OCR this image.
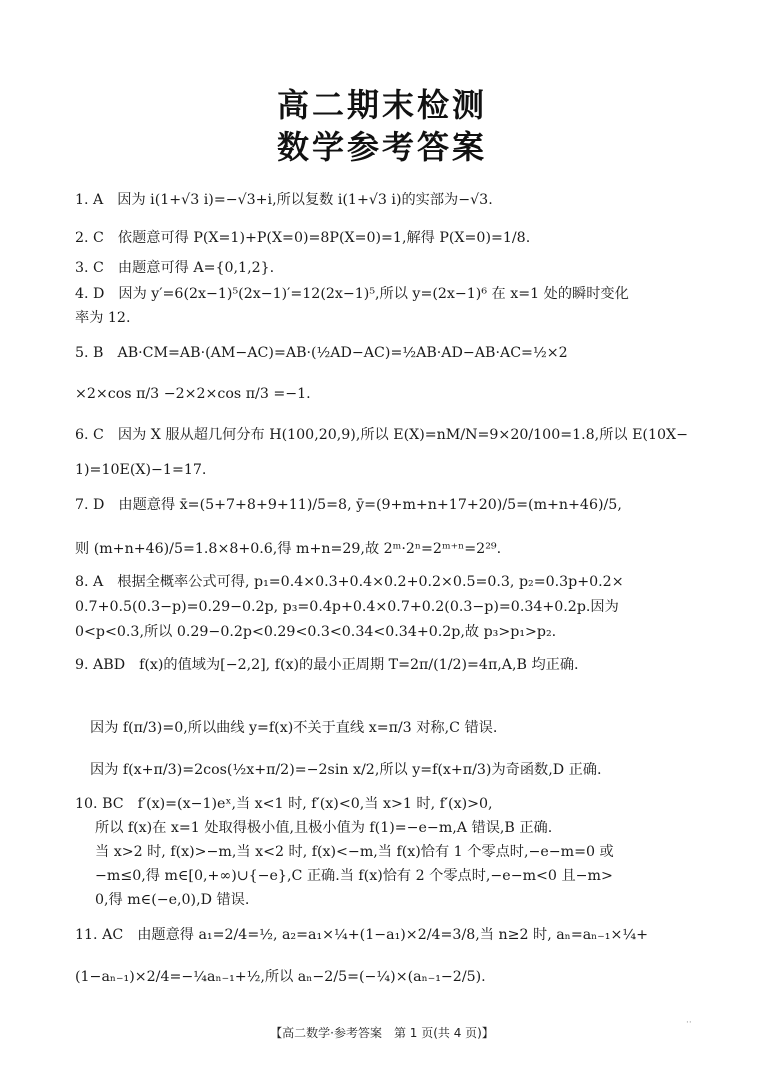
高二期末检测
数学参考答案
1. A 因为 i(1+√3 i)=−√3+i,所以复数 i(1+√3 i)的实部为−√3.
2. C 依题意可得 P(X=1)+P(X=0)=8P(X=0)=1,解得 P(X=0)=1/8.
3. C 由题意可得 A={0,1,2}.
4. D 因为 y′=6(2x−1)⁵(2x−1)′=12(2x−1)⁵,所以 y=(2x−1)⁶ 在 x=1 处的瞬时变化
率为 12.
5. B AB·CM=AB·(AM−AC)=AB·(½AD−AC)=½AB·AD−AB·AC=½×2
×2×cos π/3 −2×2×cos π/3 =−1.
6. C 因为 X 服从超几何分布 H(100,20,9),所以 E(X)=nM/N=9×20/100=1.8,所以 E(10X−
1)=10E(X)−1=17.
7. D 由题意得 x̄=(5+7+8+9+11)/5=8, ȳ=(9+m+n+17+20)/5=(m+n+46)/5,
则 (m+n+46)/5=1.8×8+0.6,得 m+n=29,故 2ᵐ·2ⁿ=2ᵐ⁺ⁿ=2²⁹.
8. A 根据全概率公式可得, p₁=0.4×0.3+0.4×0.2+0.2×0.5=0.3, p₂=0.3p+0.2×
0.7+0.5(0.3−p)=0.29−0.2p, p₃=0.4p+0.4×0.7+0.2(0.3−p)=0.34+0.2p.因为
0<p<0.3,所以 0.29−0.2p<0.29<0.3<0.34<0.34+0.2p,故 p₃>p₁>p₂.
9. ABD f(x)的值域为[−2,2], f(x)的最小正周期 T=2π/(1/2)=4π,A,B 均正确.
因为 f(π/3)=0,所以曲线 y=f(x)不关于直线 x=π/3 对称,C 错误.
因为 f(x+π/3)=2cos(½x+π/2)=−2sin x/2,所以 y=f(x+π/3)为奇函数,D 正确.
10. BC f′(x)=(x−1)eˣ,当 x<1 时, f′(x)<0,当 x>1 时, f′(x)>0,
所以 f(x)在 x=1 处取得极小值,且极小值为 f(1)=−e−m,A 错误,B 正确.
当 x>2 时, f(x)>−m,当 x<2 时, f(x)<−m,当 f(x)恰有 1 个零点时,−e−m=0 或
−m≤0,得 m∈[0,+∞)∪{−e},C 正确.当 f(x)恰有 2 个零点时,−e−m<0 且−m>
0,得 m∈(−e,0),D 错误.
11. AC 由题意得 a₁=2/4=½, a₂=a₁×¼+(1−a₁)×2/4=3/8,当 n≥2 时, aₙ=aₙ₋₁×¼+
(1−aₙ₋₁)×2/4=−¼aₙ₋₁+½,所以 aₙ−2/5=(−¼)×(aₙ₋₁−2/5).
【高二数学·参考答案　第 1 页(共 4 页)】
··
